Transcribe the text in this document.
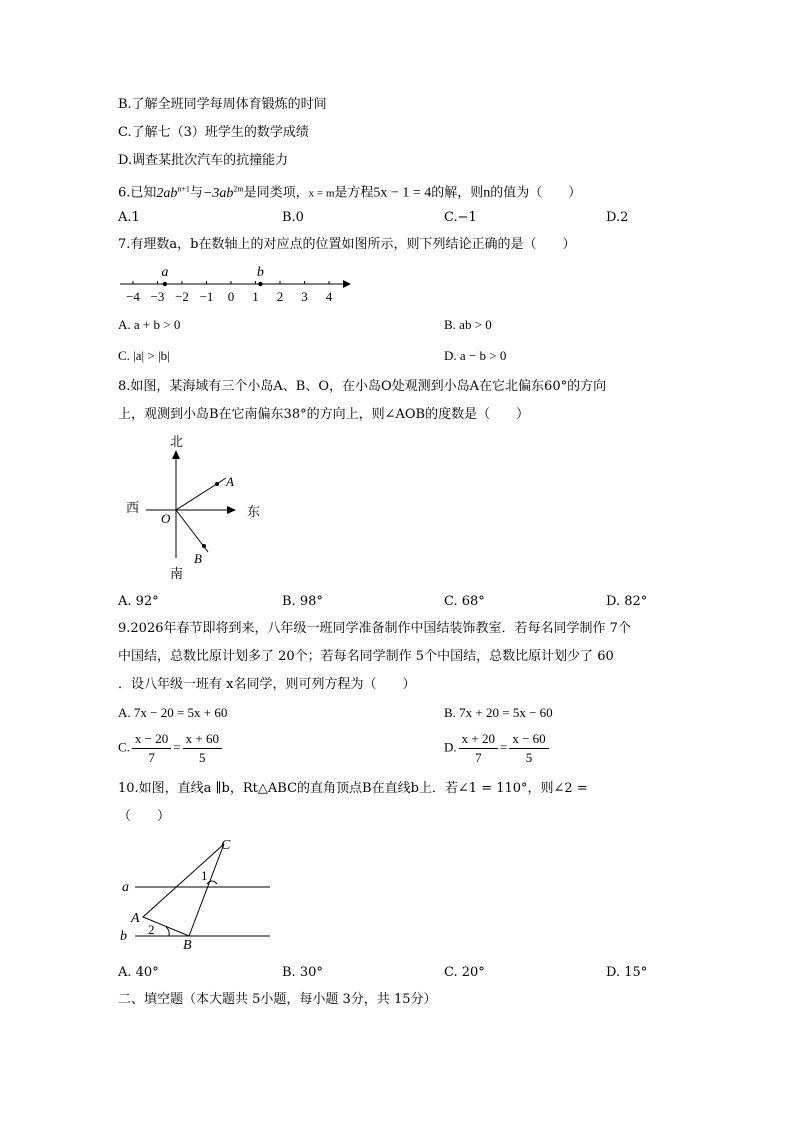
B.了解全班同学每周体育锻炼的时间
C.了解七（3）班学生的数学成绩
D.调查某批次汽车的抗撞能力
6.已知$2ab^{n+1}$与$-3ab^{2m}$是同类项，x = m是方程5x − 1 = 4的解，则n的值为（　　）
A.1	B.0	C.−1	D.2
7.有理数a，b在数轴上的对应点的位置如图所示，则下列结论正确的是（　　）
−4 −3 −2 −1 0 1 2 3 4
a	b
A. a + b > 0	B. ab > 0
C. |a| > |b|	D. a − b > 0
8.如图，某海域有三个小岛A、B、O，在小岛O处观测到小岛A在它北偏东60°的方向
上，观测到小岛B在它南偏东38°的方向上，则∠AOB的度数是（　　）
北
南
东
西
O
A
B
A. 92°	B. 98°	C. 68°	D. 82°
9.2026年春节即将到来，八年级一班同学准备制作中国结装饰教室．若每名同学制作 7个
中国结，总数比原计划多了 20个；若每名同学制作 5个中国结，总数比原计划少了 60
．设八年级一班有 x名同学，则可列方程为（　　）
A. 7x − 20 = 5x + 60	B. 7x + 20 = 5x − 60
C. $\frac{x - 20}{7} = \frac{x + 60}{5}$	D. $\frac{x + 20}{7} = \frac{x - 60}{5}$
10.如图，直线a ∥b，Rt△ABC的直角顶点B在直线b上．若∠1 = 110°，则∠2 =
（　　）
a
b
C
A
B
1
2
A. 40°	B. 30°	C. 20°	D. 15°
二、填空题（本大题共 5小题，每小题 3分，共 15分）
